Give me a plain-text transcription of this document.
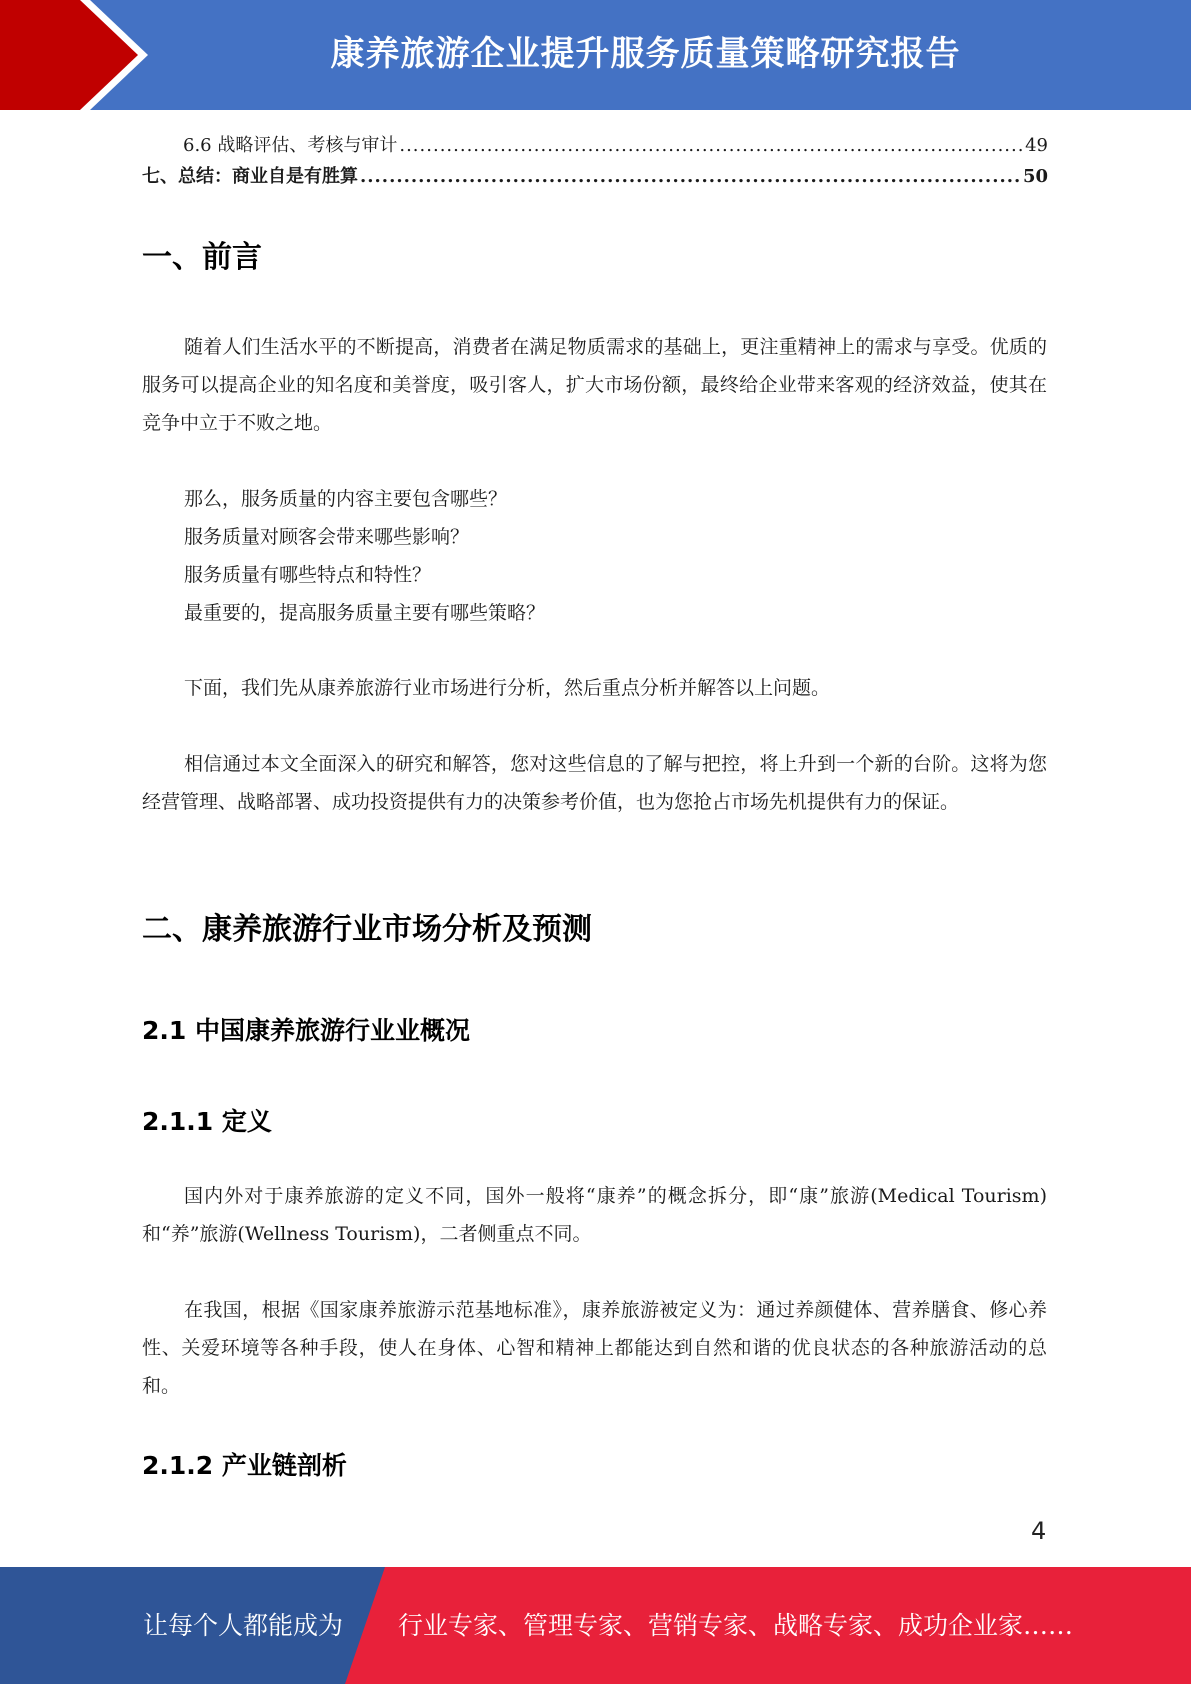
康养旅游企业提升服务质量策略研究报告
6.6 战略评估、考核与审计 .....	49
七、总结：商业自是有胜算 .....	50
一、前言

随着人们生活水平的不断提高，消费者在满足物质需求的基础上，更注重精神上的需求与享受。优质的服务可以提高企业的知名度和美誉度，吸引客人，扩大市场份额，最终给企业带来客观的经济效益，使其在竞争中立于不败之地。

那么，服务质量的内容主要包含哪些？

服务质量对顾客会带来哪些影响？

服务质量有哪些特点和特性？

最重要的，提高服务质量主要有哪些策略？

下面，我们先从康养旅游行业市场进行分析，然后重点分析并解答以上问题。

相信通过本文全面深入的研究和解答，您对这些信息的了解与把控，将上升到一个新的台阶。这将为您经营管理、战略部署、成功投资提供有力的决策参考价值，也为您抢占市场先机提供有力的保证。

二、康养旅游行业市场分析及预测
2.1 中国康养旅游行业业概况
2.1.1 定义

国内外对于康养旅游的定义不同，国外一般将“康养”的概念拆分，即“康”旅游(Medical Tourism)和“养”旅游(Wellness Tourism)，二者侧重点不同。

在我国，根据《国家康养旅游示范基地标准》，康养旅游被定义为：通过养颜健体、营养膳食、修心养性、关爱环境等各种手段，使人在身体、心智和精神上都能达到自然和谐的优良状态的各种旅游活动的总和。

2.1.2 产业链剖析
4
让每个人都能成为 行业专家、管理专家、营销专家、战略专家、成功企业家……
